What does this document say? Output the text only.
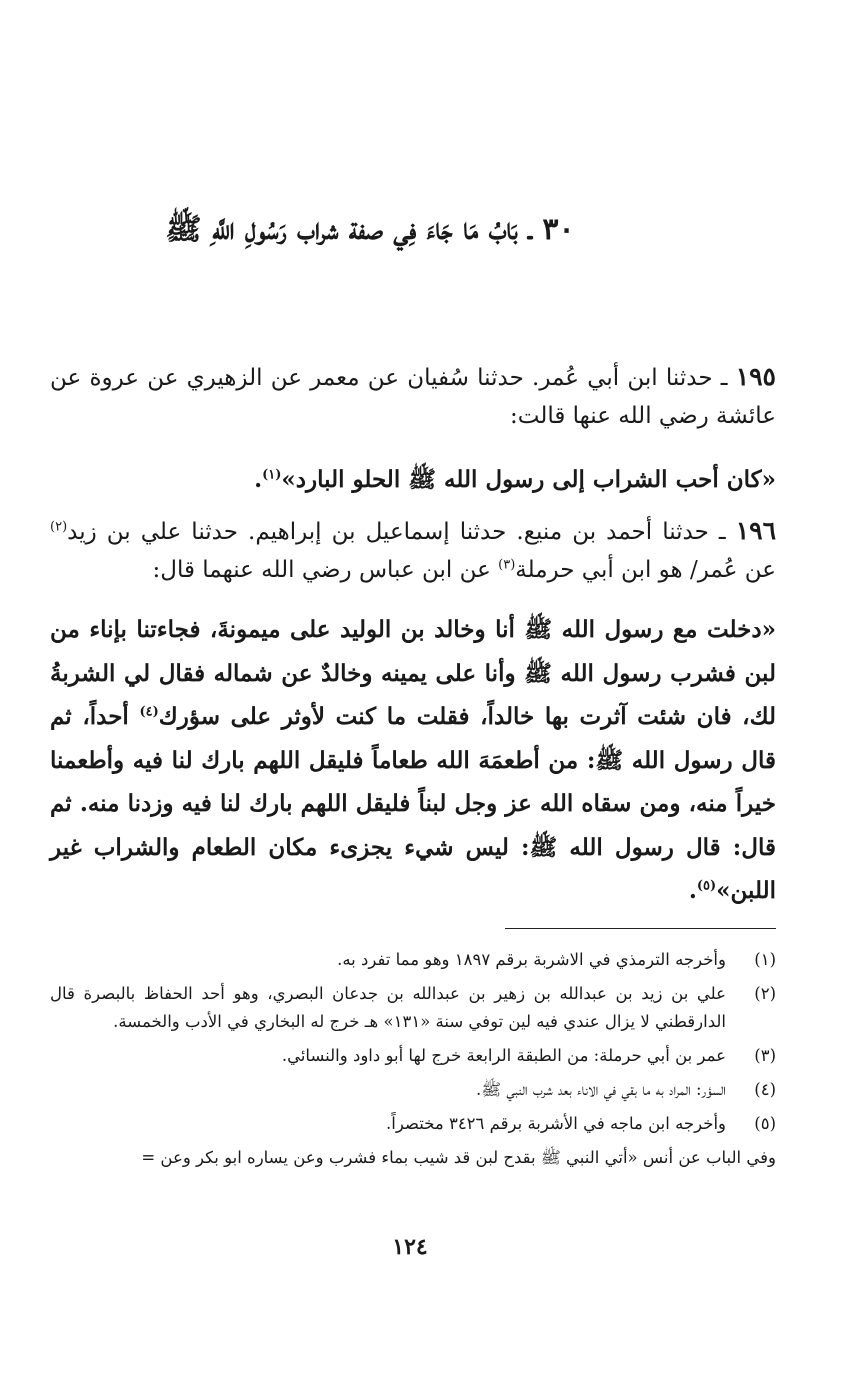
٣٠ ـ بَابُ مَا جَاءَ فِي صفة شراب رَسُولِ اللَّهِ ﷺ
١٩٥ ـ حدثنا ابن أبي عُمر. حدثنا سُفيان عن معمر عن الزهيري عن عروة عن عائشة رضي الله عنها قالت:
«كان أحب الشراب إلى رسول الله ﷺ الحلو البارد»$^{(١)}$.
١٩٦ ـ حدثنا أحمد بن منيع. حدثنا إسماعيل بن إبراهيم. حدثنا علي بن زيد$^{(٢)}$ عن عُمر/ هو ابن أبي حرملة$^{(٣)}$ عن ابن عباس رضي الله عنهما قال:
«دخلت مع رسول الله ﷺ أنا وخالد بن الوليد على ميمونةَ، فجاءتنا بإناء من لبن فشرب رسول الله ﷺ وأنا على يمينه وخالدٌ عن شماله فقال لي الشربةُ لك، فان شئت آثرت بها خالداً، فقلت ما كنت لأوثر على سؤرك$^{(٤)}$ أحداً، ثم قال رسول الله ﷺ: من أطعمَهَ الله طعاماً فليقل اللهم بارك لنا فيه وأطعمنا خيراً منه، ومن سقاه الله عز وجل لبناً فليقل اللهم بارك لنا فيه وزدنا منه. ثم قال: قال رسول الله ﷺ: ليس شيء يجزىء مكان الطعام والشراب غير اللبن»$^{(٥)}$.
(١)
وأخرجه الترمذي في الاشربة برقم ١٨٩٧ وهو مما تفرد به.
(٢)
علي بن زيد بن عبدالله بن زهير بن عبدالله بن جدعان البصري، وهو أحد الحفاظ بالبصرة قال الدارقطني لا يزال عندي فيه لين توفي سنة «١٣١» هـ خرج له البخاري في الأدب والخمسة.
(٣)
عمر بن أبي حرملة: من الطبقة الرابعة خرج لها أبو داود والنسائي.
(٤)
السؤر: المراد به ما بقي في الاناء بعد شرب النبي ﷺ.
(٥)
وأخرجه ابن ماجه في الأشربة برقم ٣٤٢٦ مختصراً.
وفي الباب عن أنس «أتي النبي ﷺ بقدح لبن قد شيب بماء فشرب وعن يساره ابو بكر وعن =
١٢٤
